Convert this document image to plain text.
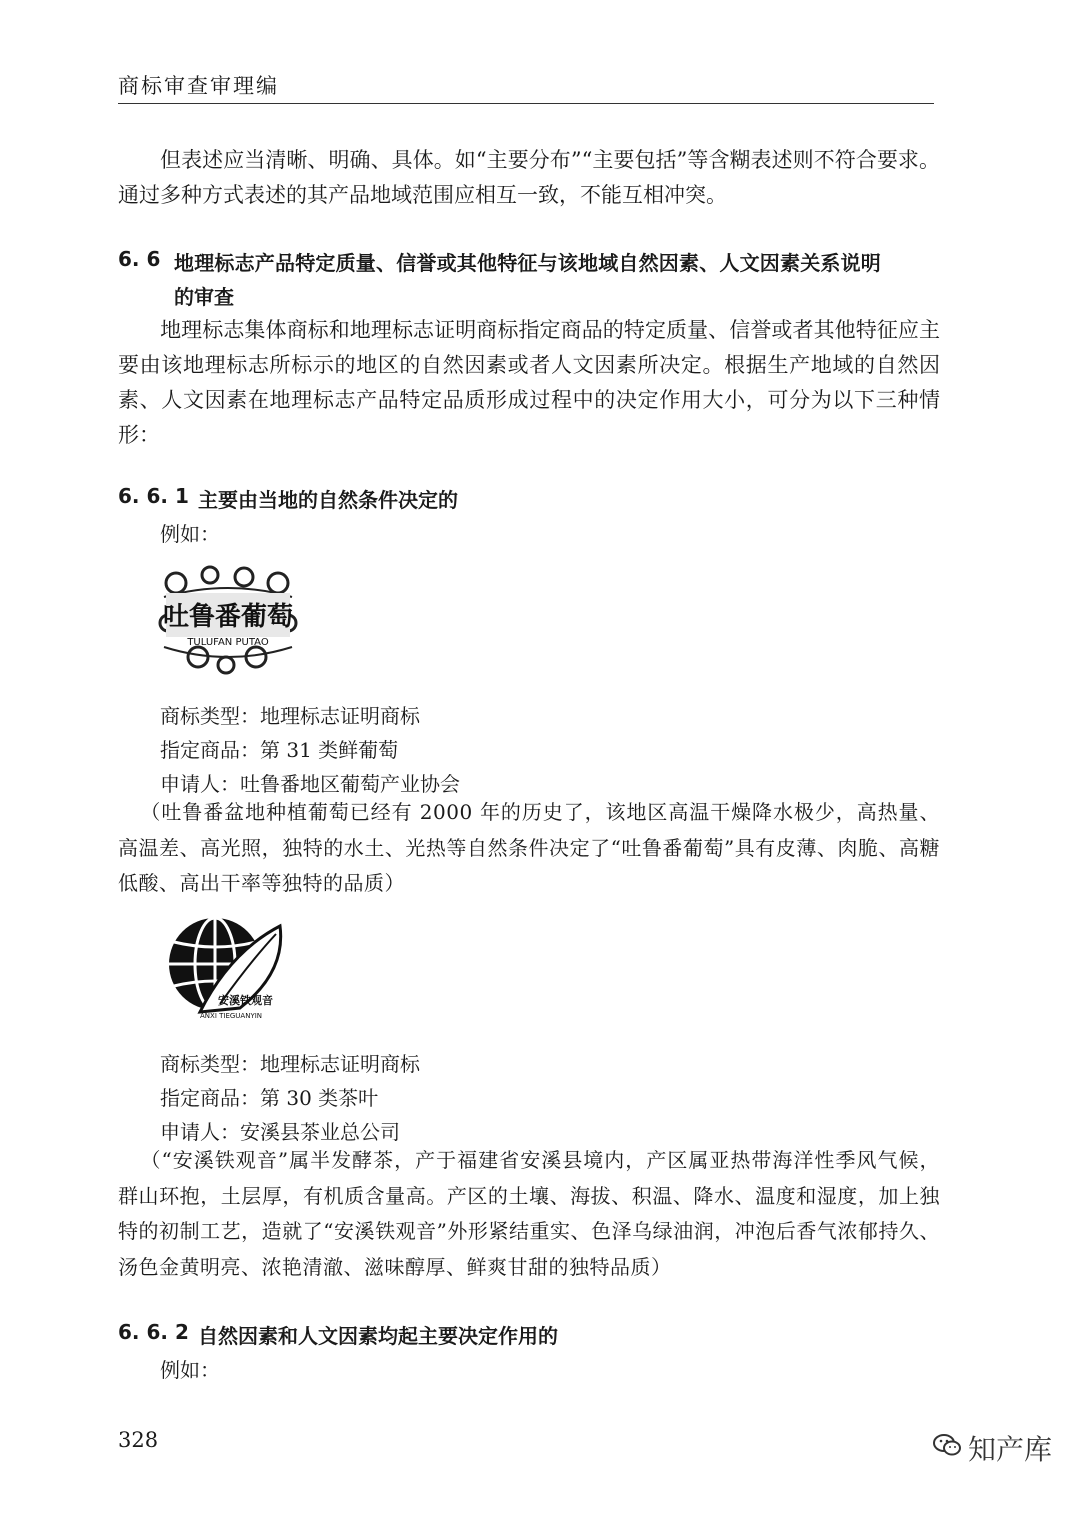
商标审查审理编
但表述应当清晰、明确、具体。如“主要分布”“主要包括”等含糊表述则不符合要求。通过多种方式表述的其产品地域范围应相互一致，不能互相冲突。
6. 6 地理标志产品特定质量、信誉或其他特征与该地域自然因素、人文因素关系说明
的审查
地理标志集体商标和地理标志证明商标指定商品的特定质量、信誉或者其他特征应主要由该地理标志所标示的地区的自然因素或者人文因素所决定。根据生产地域的自然因素、人文因素在地理标志产品特定品质形成过程中的决定作用大小，可分为以下三种情形：
6. 6. 1 主要由当地的自然条件决定的
例如：
吐鲁番葡萄
TULUFAN PUTAO
商标类型：地理标志证明商标
指定商品：第 31 类鲜葡萄
申请人：吐鲁番地区葡萄产业协会
（吐鲁番盆地种植葡萄已经有 2000 年的历史了，该地区高温干燥降水极少，高热量、高温差、高光照，独特的水土、光热等自然条件决定了“吐鲁番葡萄”具有皮薄、肉脆、高糖低酸、高出干率等独特的品质）
安溪铁观音
ANXI TIEGUANYIN
商标类型：地理标志证明商标
指定商品：第 30 类茶叶
申请人：安溪县茶业总公司
（“安溪铁观音”属半发酵茶，产于福建省安溪县境内，产区属亚热带海洋性季风气候，群山环抱，土层厚，有机质含量高。产区的土壤、海拔、积温、降水、温度和湿度，加上独特的初制工艺，造就了“安溪铁观音”外形紧结重实、色泽乌绿油润，冲泡后香气浓郁持久、汤色金黄明亮、浓艳清澈、滋味醇厚、鲜爽甘甜的独特品质）
6. 6. 2 自然因素和人文因素均起主要决定作用的
例如：
328	知产库
